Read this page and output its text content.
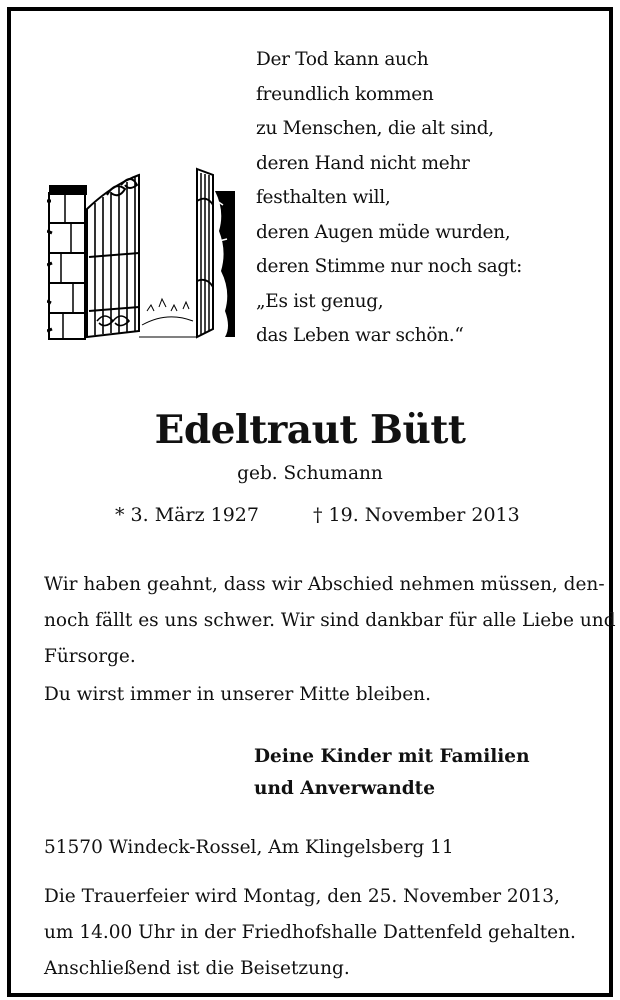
Der Tod kann auch
freundlich kommen
zu Menschen, die alt sind,
deren Hand nicht mehr
festhalten will,
deren Augen müde wurden,
deren Stimme nur noch sagt:
„Es ist genug,
das Leben war schön.“
Edeltraut Bütt
geb. Schumann
* 3. März 1927	† 19. November 2013
Wir haben geahnt, dass wir Abschied nehmen müssen, den-
noch fällt es uns schwer. Wir sind dankbar für alle Liebe und
Fürsorge.
Du wirst immer in unserer Mitte bleiben.
Deine Kinder mit Familien
und Anverwandte
51570 Windeck-Rossel, Am Klingelsberg 11
Die Trauerfeier wird Montag, den 25. November 2013,
um 14.00 Uhr in der Friedhofshalle Dattenfeld gehalten.
Anschließend ist die Beisetzung.
